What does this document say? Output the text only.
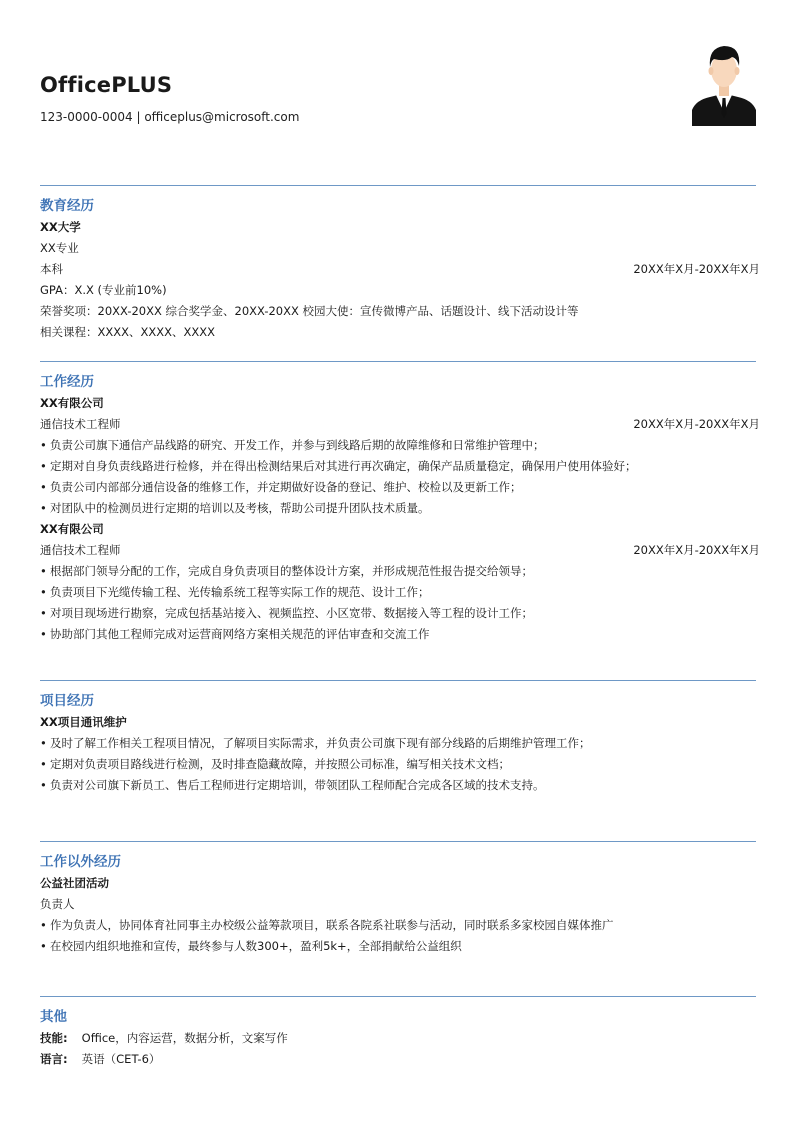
OfficePLUS
123-0000-0004 | officeplus@microsoft.com
教育经历
XX大学
XX专业
本科	20XX年X月-20XX年X月
GPA：X.X (专业前10%)
荣誉奖项：20XX-20XX 综合奖学金、20XX-20XX 校园大使：宣传微博产品、话题设计、线下活动设计等
相关课程：XXXX、XXXX、XXXX
工作经历
XX有限公司
通信技术工程师	20XX年X月-20XX年X月
• 负责公司旗下通信产品线路的研究、开发工作，并参与到线路后期的故障维修和日常维护管理中；
• 定期对自身负责线路进行检修，并在得出检测结果后对其进行再次确定，确保产品质量稳定，确保用户使用体验好；
• 负责公司内部部分通信设备的维修工作，并定期做好设备的登记、维护、校检以及更新工作；
• 对团队中的检测员进行定期的培训以及考核，帮助公司提升团队技术质量。
XX有限公司
通信技术工程师	20XX年X月-20XX年X月
• 根据部门领导分配的工作，完成自身负责项目的整体设计方案，并形成规范性报告提交给领导；
• 负责项目下光缆传输工程、光传输系统工程等实际工作的规范、设计工作；
• 对项目现场进行勘察，完成包括基站接入、视频监控、小区宽带、数据接入等工程的设计工作；
• 协助部门其他工程师完成对运营商网络方案相关规范的评估审查和交流工作
项目经历
XX项目通讯维护
• 及时了解工作相关工程项目情况，了解项目实际需求，并负责公司旗下现有部分线路的后期维护管理工作；
• 定期对负责项目路线进行检测，及时排查隐藏故障，并按照公司标准，编写相关技术文档；
• 负责对公司旗下新员工、售后工程师进行定期培训，带领团队工程师配合完成各区域的技术支持。
工作以外经历
公益社团活动
负责人
• 作为负责人，协同体育社同事主办校级公益筹款项目，联系各院系社联参与活动，同时联系多家校园自媒体推广
• 在校园内组织地推和宣传，最终参与人数300+，盈利5k+，全部捐献给公益组织
其他
技能: Office，内容运营，数据分析，文案写作
语言: 英语（CET-6）
